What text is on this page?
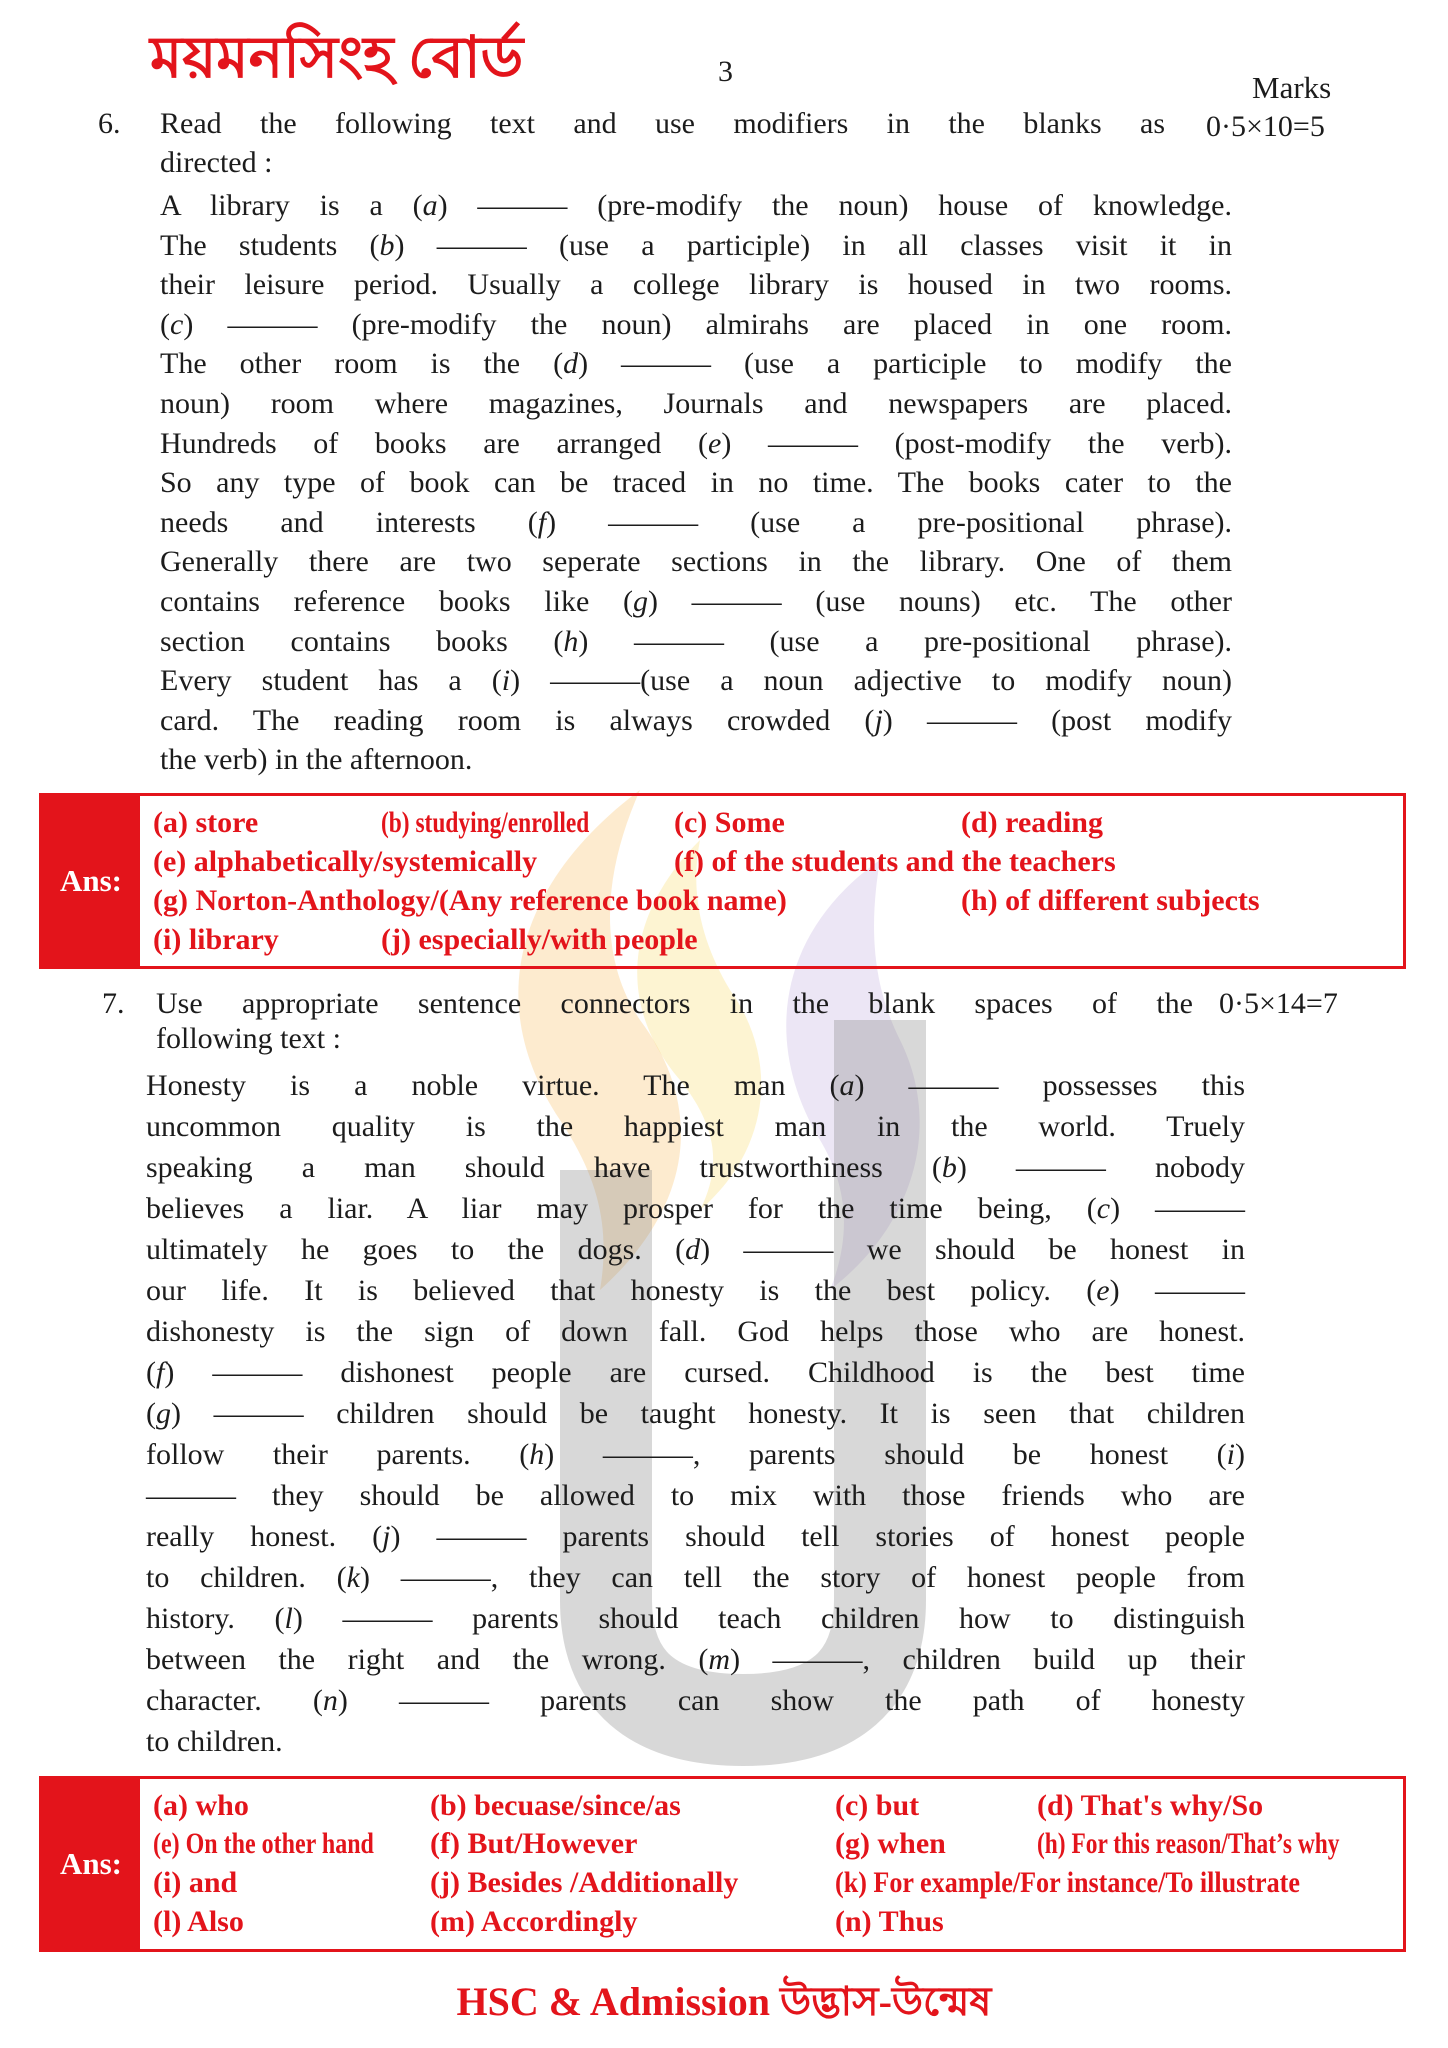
ময়মনসিংহ বোর্ড	3	Marks
6. Read the following text and use modifiers in the blanks as 0·5×10=5
directed :
A library is a (a) ——— (pre-modify the noun) house of knowledge.
The students (b) ——— (use a participle) in all classes visit it in
their leisure period. Usually a college library is housed in two rooms.
(c) ——— (pre-modify the noun) almirahs are placed in one room.
The other room is the (d) ——— (use a participle to modify the
noun) room where magazines, Journals and newspapers are placed.
Hundreds of books are arranged (e) ——— (post-modify the verb).
So any type of book can be traced in no time. The books cater to the
needs and interests (f) ——— (use a pre-positional phrase).
Generally there are two seperate sections in the library. One of them
contains reference books like (g) ——— (use nouns) etc. The other
section contains books (h) ——— (use a pre-positional phrase).
Every student has a (i) ———(use a noun adjective to modify noun)
card. The reading room is always crowded (j) ——— (post modify
the verb) in the afternoon.
Ans:
(a) store	(b) studying/enrolled	(c) Some	(d) reading
(e) alphabetically/systemically	(f) of the students and the teachers
(g) Norton-Anthology/(Any reference book name)	(h) of different subjects
(i) library	(j) especially/with people
7. Use appropriate sentence connectors in the blank spaces of the 0·5×14=7
following text :
Honesty is a noble virtue. The man (a) ——— possesses this
uncommon quality is the happiest man in the world. Truely
speaking a man should have trustworthiness (b) ——— nobody
believes a liar. A liar may prosper for the time being, (c) ———
ultimately he goes to the dogs. (d) ——— we should be honest in
our life. It is believed that honesty is the best policy. (e) ———
dishonesty is the sign of down fall. God helps those who are honest.
(f) ——— dishonest people are cursed. Childhood is the best time
(g) ——— children should be taught honesty. It is seen that children
follow their parents. (h) ———, parents should be honest (i)
——— they should be allowed to mix with those friends who are
really honest. (j) ——— parents should tell stories of honest people
to children. (k) ———, they can tell the story of honest people from
history. (l) ——— parents should teach children how to distinguish
between the right and the wrong. (m) ———, children build up their
character. (n) ——— parents can show the path of honesty
to children.
Ans:
(a) who	(b) becuase/since/as	(c) but	(d) That's why/So
(e) On the other hand	(f) But/However	(g) when	(h) For this reason/That’s why
(i) and	(j) Besides /Additionally	(k) For example/For instance/To illustrate
(l) Also	(m) Accordingly	(n) Thus
HSC & Admission উদ্ভাস-উন্মেষ
